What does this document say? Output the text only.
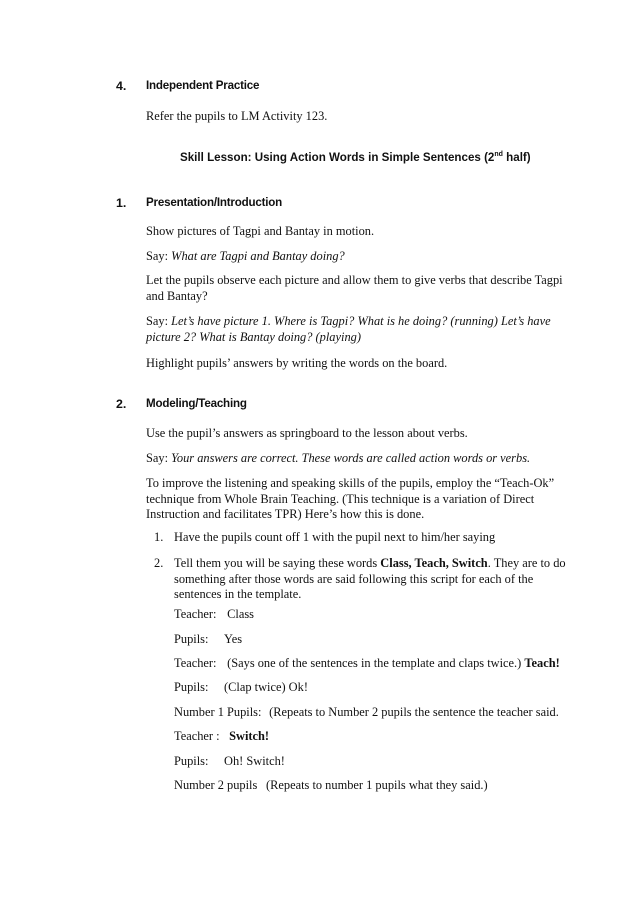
4. Independent Practice

Refer the pupils to LM Activity 123.

Skill Lesson: Using Action Words in Simple Sentences (2nd half)
1. Presentation/Introduction

Show pictures of Tagpi and Bantay in motion.

Say: What are Tagpi and Bantay doing?

Let the pupils observe each picture and allow them to give verbs that describe Tagpi and Bantay?

Say: Let’s have picture 1. Where is Tagpi? What is he doing? (running) Let’s have picture 2? What is Bantay doing? (playing)

Highlight pupils’ answers by writing the words on the board.

2. Modeling/Teaching

Use the pupil’s answers as springboard to the lesson about verbs.

Say: Your answers are correct. These words are called action words or verbs.

To improve the listening and speaking skills of the pupils, employ the “Teach-Ok” technique from Whole Brain Teaching. (This technique is a variation of Direct Instruction and facilitates TPR) Here’s how this is done.

1. Have the pupils count off 1 with the pupil next to him/her saying

2. Tell them you will be saying these words Class, Teach, Switch. They are to do something after those words are said following this script for each of the sentences in the template.

Teacher: Class
Pupils: Yes
Teacher: (Says one of the sentences in the template and claps twice.) Teach!
Pupils: (Clap twice) Ok!
Number 1 Pupils: (Repeats to Number 2 pupils the sentence the teacher said.
Teacher : Switch!
Pupils: Oh! Switch!
Number 2 pupils (Repeats to number 1 pupils what they said.)
